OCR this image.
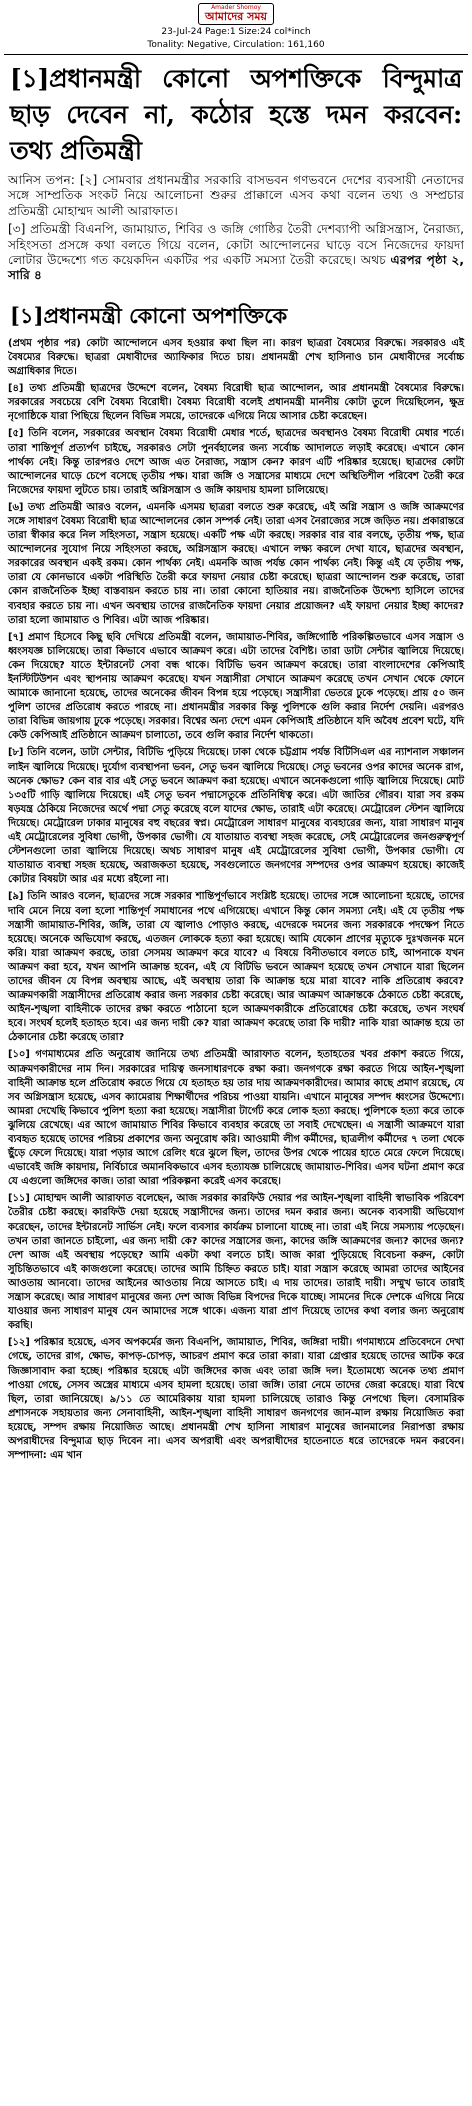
Amader Shomoy
আমাদের সময়
23-Jul-24 Page:1 Size:24 col*inch
Tonality: Negative, Circulation: 161,160
[১]প্রধানমন্ত্রী কোনো অপশক্তিকে বিন্দুমাত্র ছাড় দেবেন না, কঠোর হস্তে দমন করবেন: তথ্য প্রতিমন্ত্রী

আনিস তপন: [২] সোমবার প্রধানমন্ত্রীর সরকারি বাসভবন গণভবনে দেশের ব্যবসায়ী নেতাদের সঙ্গে সাম্প্রতিক সংকট নিয়ে আলোচনা শুরুর প্রাক্কালে এসব কথা বলেন তথ্য ও সম্প্রচার প্রতিমন্ত্রী মোহাম্মদ আলী আরাফাত।

[৩] প্রতিমন্ত্রী বিএনপি, জামায়াত, শিবির ও জঙ্গি গোষ্ঠির তৈরী দেশব্যাপী অগ্নিসন্ত্রাস, নৈরাজ্য, সহিংসতা প্রসঙ্গে কথা বলতে গিয়ে বলেন, কোটা আন্দোলনের ঘাড়ে বসে নিজেদের ফায়দা লোটার উদ্দেশ্যে গত কয়েকদিন একটির পর একটি সমস্যা তৈরী করেছে। অথচ এরপর পৃষ্ঠা ২, সারি ৪

[১]প্রধানমন্ত্রী কোনো অপশক্তিকে

(প্রথম পৃষ্ঠার পর) কোটা আন্দোলনে এসব হওয়ার কথা ছিল না। কারণ ছাত্ররা বৈষম্যের বিরুদ্ধে। সরকারও এই বৈষম্যের বিরুদ্ধে। ছাত্ররা মেধাবীদের অ্যাফিকার দিতে চায়। প্রধানমন্ত্রী শেখ হাসিনাও চান মেধাবীদের সর্বোচ্চ অগ্রাধিকার দিতে।

[৪] তথ্য প্রতিমন্ত্রী ছাত্রদের উদ্দেশে বলেন, বৈষম্য বিরোধী ছাত্র আন্দোলন, আর প্রধানমন্ত্রী বৈষম্যের বিরুদ্ধে। সরকারের সবচেয়ে বেশি বৈষম্য বিরোধী। বৈষম্য বিরোধী বলেই প্রধানমন্ত্রী মাননীয় কোটা তুলে দিয়েছিলেন, ক্ষুদ্র নৃগোষ্ঠিকে যারা পিছিয়ে ছিলেন বিভিন্ন সময়ে, তাদেরকে এগিয়ে নিয়ে আসার চেষ্টা করেছেন।

[৫] তিনি বলেন, সরকারের অবস্থান বৈষম্য বিরোধী মেধার শর্তে, ছাত্রদের অবস্থানও বৈষম্য বিরোধী মেধার শর্তে। তারা শান্তিপূর্ণ প্রত্যর্পণ চাইছে, সরকারও সেটা পুনর্বহালের জন্য সর্বোচ্চ আদালতে লড়াই করেছে। এখানে কোন পার্থক্য নেই। কিন্তু তারপরও দেশে আজ এত নৈরাজ্য, সন্ত্রাস কেন? কারণ এটি পরিষ্কার হয়েছে। ছাত্রদের কোটা আন্দোলনের ঘাড়ে চেপে বসেছে তৃতীয় পক্ষ। যারা জঙ্গি ও সন্ত্রাসের মাধ্যমে দেশে অস্থিতিশীল পরিবেশ তৈরী করে নিজেদের ফায়দা লুটতে চায়। তারাই অগ্নিসন্ত্রাস ও জঙ্গি কায়দায় হামলা চালিয়েছে।

[৬] তথ্য প্রতিমন্ত্রী আরও বলেন, এমনকি এসময় ছাত্ররা বলতে শুরু করেছে, এই অগ্নি সন্ত্রাস ও জঙ্গি আক্রমণের সঙ্গে সাধারণ বৈষম্য বিরোধী ছাত্র আন্দোলনের কোন সম্পর্ক নেই। তারা এসব নৈরাজ্যের সঙ্গে জড়িত নয়। প্রকারান্তরে তারা স্বীকার করে নিল সহিংসতা, সন্ত্রাস হয়েছে। একটি পক্ষ এটা করছে। সরকার বার বার বলছে, তৃতীয় পক্ষ, ছাত্র আন্দোলনের সুযোগ নিয়ে সহিংসতা করছে, অগ্নিসন্ত্রাস করছে। এখানে লক্ষ্য করলে দেখা যাবে, ছাত্রদের অবস্থান, সরকারের অবস্থান একই রকম। কোন পার্থক্য নেই। এমনকি আজ পর্যন্ত কোন পার্থক্য নেই। কিন্তু এই যে তৃতীয় পক্ষ, তারা যে কোনভাবে একটা পরিস্থিতি তৈরী করে ফায়দা নেয়ার চেষ্টা করেছে। ছাত্ররা আন্দোলন শুরু করেছে, তারা কোন রাজনৈতিক ইচ্ছা বাস্তবায়ন করতে চায় না। তারা কোনো হাতিয়ার নয়। রাজনৈতিক উদ্দেশ্য হাসিলে তাদের ব্যবহার করতে চায় না। এখন অবস্থায় তাদের রাজনৈতিক ফায়দা নেয়ার প্রয়োজন? এই ফায়দা নেয়ার ইচ্ছা কাদের? তারা হলো জামায়াত ও শিবির। এটা আজ পরিষ্কার।

[৭] প্রমাণ হিসেবে কিছু ছবি দেখিয়ে প্রতিমন্ত্রী বলেন, জামায়াত-শিবির, জঙ্গিগোষ্ঠি পরিকল্পিতভাবে এসব সন্ত্রাস ও ধ্বংসযজ্ঞ চালিয়েছে। তারা কিভাবে এভাবে আক্রমণ করে। এটা তাদের বৈশিষ্ট। তারা ডাটা সেন্টার জ্বালিয়ে দিয়েছে। কেন দিয়েছে? যাতে ইন্টারনেট সেবা বন্ধ থাকে। বিটিভি ভবন আক্রমণ করেছে। তারা বাংলাদেশের কেপিআই ইনস্টিটিউশন এবং স্থাপনায় আক্রমণ করেছে। যখন সন্ত্রাসীরা সেখানে আক্রমণ করেছে তখন সেখান থেকে ফোনে আমাকে জানানো হয়েছে, তাদের অনেকের জীবন বিপন্ন হয়ে পড়েছে। সন্ত্রাসীরা ভেতরে ঢুকে পড়েছে। প্রায় ৫০ জন পুলিশ তাদের প্রতিরোধ করতে পারছে না। প্রধানমন্ত্রীর সরকার কিন্তু পুলিশকে গুলি করার নির্দেশ দেয়নি। এরপরও তারা বিভিন্ন জায়গায় ঢুকে পড়েছে। সরকার। বিশ্বের অন্য দেশে এমন কেপিআই প্রতিষ্ঠানে যদি অবৈধ প্রবেশ ঘটে, যদি কেউ কেপিআই প্রতিষ্ঠানে আক্রমণ চালাতো, তবে গুলি করার নির্দেশ থাকতো।

[৮] তিনি বলেন, ডাটা সেন্টার, বিটিভি পুড়িয়ে দিয়েছে। ঢাকা থেকে চট্টগ্রাম পর্যন্ত বিটিসিএল এর ন্যাশনাল সঞ্চালন লাইন জ্বালিয়ে দিয়েছে। দুর্যোগ ব্যবস্থাপনা ভবন, সেতু ভবন জ্বালিয়ে দিয়েছে। সেতু ভবনের ওপর কাদের অনেক রাগ, অনেক ক্ষোভ? কেন বার বার এই সেতু ভবনে আক্রমণ করা হয়েছে। এখানে অনেকগুলো গাড়ি জ্বালিয়ে দিয়েছে। মোট ১৩৫টি গাড়ি জ্বালিয়ে দিয়েছে। এই সেতু ভবন পদ্মাসেতুকে প্রতিনিধিত্ব করে। এটা জাতির গৌরব। যারা সব রকম ষড়যন্ত্র ঠেকিয়ে নিজেদের অর্থে পদ্মা সেতু করেছে বলে যাদের ক্ষোভ, তারাই এটা করেছে। মেট্রোরেল স্টেশন জ্বালিয়ে দিয়েছে। মেট্রোরেল ঢাকার মানুষের বহু বছরের স্বপ্ন। মেট্রোরেল সাধারণ মানুষের ব্যবহারের জন্য, যারা সাধারণ মানুষ এই মেট্রোরেলের সুবিধা ভোগী, উপকার ভোগী। যে যাতায়াত ব্যবস্থা সহজ করেছে, সেই মেট্রোরেলের জনগুরুত্বপূর্ণ স্টেশনগুলো তারা জ্বালিয়ে দিয়েছে। অথচ সাধারণ মানুষ এই মেট্রোরেলের সুবিধা ভোগী, উপকার ভোগী। যে যাতায়াত ব্যবস্থা সহজ হয়েছে, অরাজকতা হয়েছে, সবগুলোতে জনগণের সম্পদের ওপর আক্রমণ হয়েছে। কাজেই কোটার বিষয়টা আর এর মধ্যে রইলো না।

[৯] তিনি আরও বলেন, ছাত্রদের সঙ্গে সরকার শান্তিপূর্ণভাবে সংশ্লিষ্ট হয়েছে। তাদের সঙ্গে আলোচনা হয়েছে, তাদের দাবি মেনে নিয়ে বলা হলো শান্তিপূর্ণ সমাধানের পথে এগিয়েছে। এখানে কিন্তু কোন সমস্যা নেই। এই যে তৃতীয় পক্ষ সন্ত্রাসী জামায়াত-শিবির, জঙ্গি, তারা যে জ্বালাও পোড়াও করছে, এদেরকে দমনের জন্য সরকারকে পদক্ষেপ নিতে হয়েছে। অনেকে অভিযোগ করছে, এতজন লোককে হত্যা করা হয়েছে। আমি যেকোন প্রাণের মৃত্যুকে দুঃখজনক মনে করি। যারা আক্রমণ করছে, তারা সেসময় আক্রমণ করে যাবে? এ বিষয়ে বিনীতভাবে বলতে চাই, আপনাকে যখন আক্রমণ করা হবে, যখন আপনি আক্রান্ত হবেন, এই যে বিটিভি ভবনে আক্রমণ হয়েছে তখন সেখানে যারা ছিলেন তাদের জীবন যে বিপন্ন অবস্থায় আছে, এই অবস্থায় তারা কি আক্রান্ত হয়ে মারা যাবে? নাকি প্রতিরোধ করবে? আক্রমণকারী সন্ত্রাসীদের প্রতিরোধ করার জন্য সরকার চেষ্টা করেছে। আর আক্রমণ আক্রান্তকে ঠেকাতে চেষ্টা করেছে, আইন-শৃঙ্খলা বাহিনীকে তাদের রক্ষা করতে পাঠানো হলে আক্রমণকারীকে প্রতিরোধের চেষ্টা করেছে, তখন সংঘর্ষ হবে। সংঘর্ষ হলেই হতাহত হবে। এর জন্য দায়ী কে? যারা আক্রমণ করেছে তারা কি দায়ী? নাকি যারা আক্রান্ত হয়ে তা ঠেকানোর চেষ্টা করেছে তারা?

[১০] গণমাধ্যমের প্রতি অনুরোধ জানিয়ে তথ্য প্রতিমন্ত্রী আরাফাত বলেন, হতাহতের খবর প্রকাশ করতে গিয়ে, আক্রমণকারীদের নাম দিন। সরকারের দায়িত্ব জনসাধারণকে রক্ষা করা। জনগণকে রক্ষা করতে গিয়ে আইন-শৃঙ্খলা বাহিনী আক্রান্ত হলে প্রতিরোধ করতে গিয়ে যে হতাহত হয় তার দায় আক্রমণকারীদের। আমার কাছে প্রমাণ রয়েছে, যে সব অগ্নিসন্ত্রাস হয়েছে, এসব ক্যামেরায় শিক্ষার্থীদের পরিচয় পাওয়া যায়নি। এখানে মানুষের সম্পদ ধ্বংসের উদ্দেশ্যে। আমরা দেখেছি কিভাবে পুলিশ হত্যা করা হয়েছে। সন্ত্রাসীরা টার্গেট করে লোক হত্যা করছে। পুলিশকে হত্যা করে তাকে ঝুলিয়ে রেখেছে। এর আগে জামায়াত শিবির কিভাবে ব্যবহার করেছে তা সবাই দেখেছেন। এ সন্ত্রাসী আক্রমণে যারা ব্যবহৃত হয়েছে তাদের পরিচয় প্রকাশের জন্য অনুরোধ করি। আওয়ামী লীগ কর্মীদের, ছাত্রলীগ কর্মীদের ৭ তলা থেকে ছুঁড়ে ফেলে দিয়েছে। যারা পড়ার আগে রেলিং ধরে ঝুলে ছিল, তাদের উপর থেকে পায়ের হাতে মেরে ফেলে দিয়েছে। এভাবেই জঙ্গি কায়দায়, নির্বিচারে অমানবিকভাবে এসব হত্যাযজ্ঞ চালিয়েছে জামায়াত-শিবির। এসব ঘটনা প্রমাণ করে যে এগুলো জঙ্গিদের কাজ। তারা আরা পরিকল্পনা করেই এসব করেছে।

[১১] মোহাম্মদ আলী আরাফাত বলেছেন, আজ সরকার কারফিউ দেয়ার পর আইন-শৃঙ্খলা বাহিনী স্বাভাবিক পরিবেশ তৈরীর চেষ্টা করছে। কারফিউ দেয়া হয়েছে সন্ত্রাসীদের জন্য। তাদের দমন করার জন্য। অনেক ব্যবসায়ী অভিযোগ করেছেন, তাদের ইন্টারনেট সার্ভিস নেই। ফলে ব্যবসার কার্যক্রম চালানো যাচ্ছে না। তারা এই নিয়ে সমস্যায় পড়েছেন। তখন তারা জানতে চাইলো, এর জন্য দায়ী কে? কাদের সন্ত্রাসের জন্য, কাদের জঙ্গি আক্রমণের জন্য? কাদের জন্য? দেশ আজ এই অবস্থায় পড়েছে? আমি একটা কথা বলতে চাই। আজ কারা পুড়িয়েছে বিবেচনা করুন, কোটা সুচিন্তিতভাবে এই কাজগুলো করেছে। তাদের আমি চিহ্নিত করতে চাই। যারা সন্ত্রাস করেছে আমরা তাদের আইনের আওতায় আনবো। তাদের আইনের আওতায় নিয়ে আসতে চাই। এ দায় তাদের। তারাই দায়ী। সম্মুখ ভাবে তারাই সন্ত্রাস করেছে। আর সাধারণ মানুষের জন্য দেশ আজ বিভিন্ন বিপদের দিকে যাচ্ছে। সামনের দিকে দেশকে এগিয়ে নিয়ে যাওয়ার জন্য সাধারণ মানুষ যেন আমাদের সঙ্গে থাকে। এজন্য যারা প্রাণ দিয়েছে তাদের কথা বলার জন্য অনুরোধ করছি।

[১২] পরিষ্কার হয়েছে, এসব অপকর্মের জন্য বিএনপি, জামায়াত, শিবির, জঙ্গিরা দায়ী। গণমাধ্যমে প্রতিবেদনে দেখা গেছে, তাদের রাগ, ক্ষোভ, কাপড়-চোপড়, আচরণ প্রমাণ করে তারা কারা। যারা গ্রেপ্তার হয়েছে তাদের আটক করে জিজ্ঞাসাবাদ করা হচ্ছে। পরিষ্কার হয়েছে এটা জঙ্গিদের কাজ এবং তারা জঙ্গি দল। ইতোমধ্যে অনেক তথ্য প্রমাণ পাওয়া গেছে, সেসব অস্ত্রের মাধ্যমে এসব হামলা হয়েছে। তারা জঙ্গি। তারা নেমে তাদের জেরা করেছে। যারা বিশ্বে ছিল, তারা জানিয়েছে। ৯/১১ তে আমেরিকায় যারা হামলা চালিয়েছে তারাও কিন্তু নেপথ্যে ছিল। বেসামরিক প্রশাসনকে সহায়তার জন্য সেনাবাহিনী, আইন-শৃঙ্খলা বাহিনী সাধারণ জনগণের জান-মাল রক্ষায় নিয়োজিত করা হয়েছে, সম্পদ রক্ষায় নিয়োজিত আছে। প্রধানমন্ত্রী শেখ হাসিনা সাধারণ মানুষের জানমালের নিরাপত্তা রক্ষায় অপরাধীদের বিন্দুমাত্র ছাড় দিবেন না। এসব অপরাধী এবং অপরাধীদের হাতেনাতে ধরে তাদেরকে দমন করবেন। সম্পাদনা: এম খান
